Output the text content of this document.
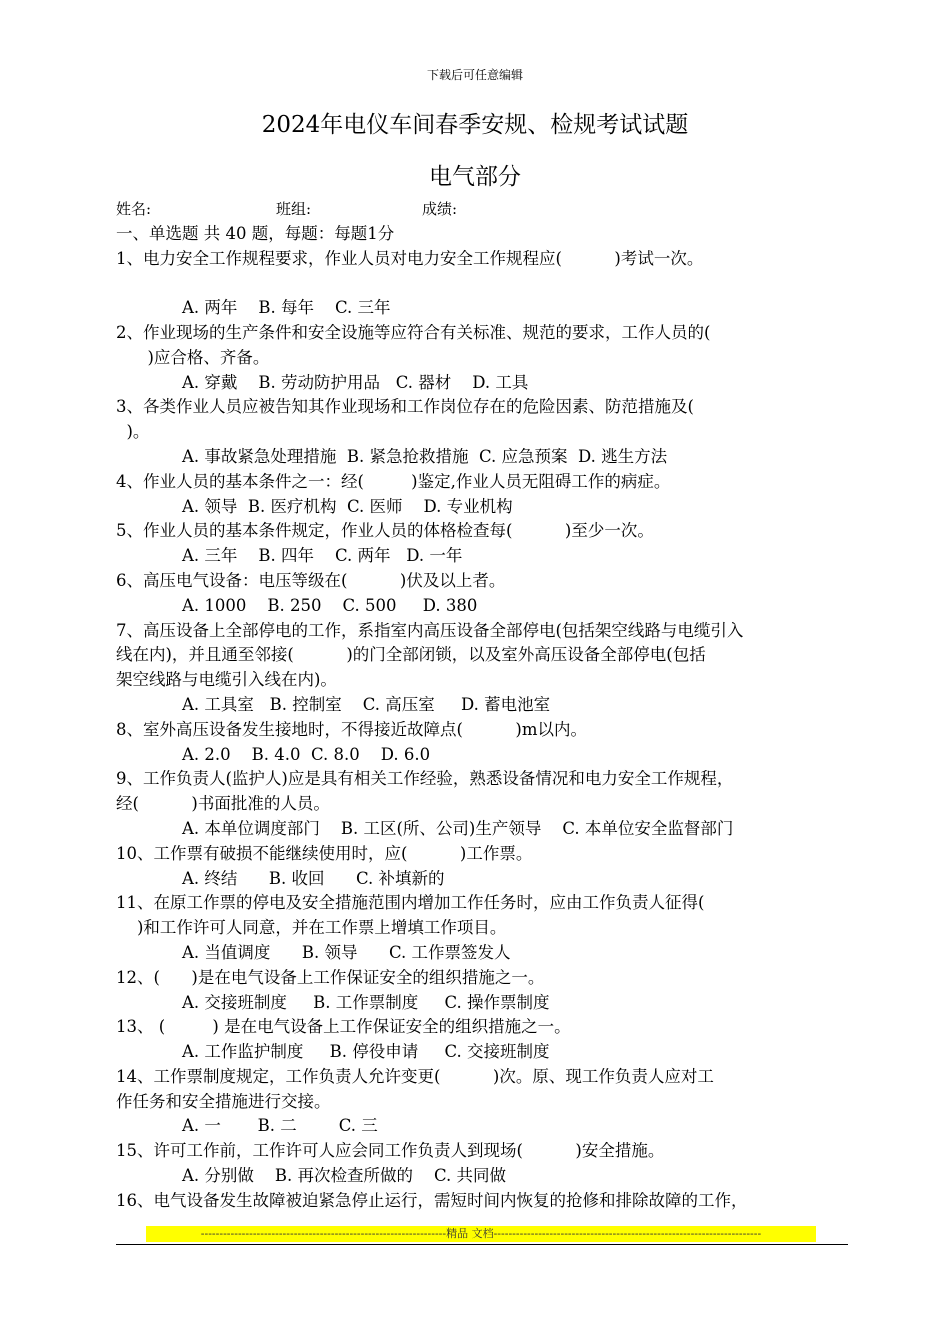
下载后可任意编辑
2024年电仪车间春季安规、检规考试试题
电气部分
姓名:	班组:	成绩:
一、单选题 共 40 题，每题：每题1分
1、电力安全工作规程要求，作业人员对电力安全工作规程应(          )考试一次。
A. 两年    B. 每年    C. 三年
2、作业现场的生产条件和安全设施等应符合有关标准、规范的要求，工作人员的(
)应合格、齐备。
A. 穿戴    B. 劳动防护用品   C. 器材    D. 工具
3、各类作业人员应被告知其作业现场和工作岗位存在的危险因素、防范措施及(
)。
A. 事故紧急处理措施  B. 紧急抢救措施  C. 应急预案  D. 逃生方法
4、作业人员的基本条件之一：经(         )鉴定,作业人员无阻碍工作的病症。
A. 领导  B. 医疗机构  C. 医师    D. 专业机构
5、作业人员的基本条件规定，作业人员的体格检查每(          )至少一次。
A. 三年    B. 四年    C. 两年   D. 一年
6、高压电气设备：电压等级在(          )伏及以上者。
A. 1000    B. 250    C. 500     D. 380
7、高压设备上全部停电的工作，系指室内高压设备全部停电(包括架空线路与电缆引入
线在内)，并且通至邻接(          )的门全部闭锁，以及室外高压设备全部停电(包括
架空线路与电缆引入线在内)。
A. 工具室   B. 控制室    C. 高压室     D. 蓄电池室
8、室外高压设备发生接地时，不得接近故障点(          )m以内。
A. 2.0    B. 4.0  C. 8.0    D. 6.0
9、工作负责人(监护人)应是具有相关工作经验，熟悉设备情况和电力安全工作规程，
经(          )书面批准的人员。
A. 本单位调度部门    B. 工区(所、公司)生产领导    C. 本单位安全监督部门
10、工作票有破损不能继续使用时，应(          )工作票。
A. 终结      B. 收回      C. 补填新的
11、在原工作票的停电及安全措施范围内增加工作任务时，应由工作负责人征得(
)和工作许可人同意，并在工作票上增填工作项目。
A. 当值调度      B. 领导      C. 工作票签发人
12、(      )是在电气设备上工作保证安全的组织措施之一。
A. 交接班制度     B. 工作票制度     C. 操作票制度
13、 (         ) 是在电气设备上工作保证安全的组织措施之一。
A. 工作监护制度     B. 停役申请     C. 交接班制度
14、工作票制度规定，工作负责人允许变更(          )次。原、现工作负责人应对工
作任务和安全措施进行交接。
A. 一       B. 二        C. 三
15、许可工作前，工作许可人应会同工作负责人到现场(          )安全措施。
A. 分别做    B. 再次检查所做的    C. 共同做
16、电气设备发生故障被迫紧急停止运行，需短时间内恢复的抢修和排除故障的工作，
------------------------------------------------------------------精品 文档------------------------------------------------------------------------
